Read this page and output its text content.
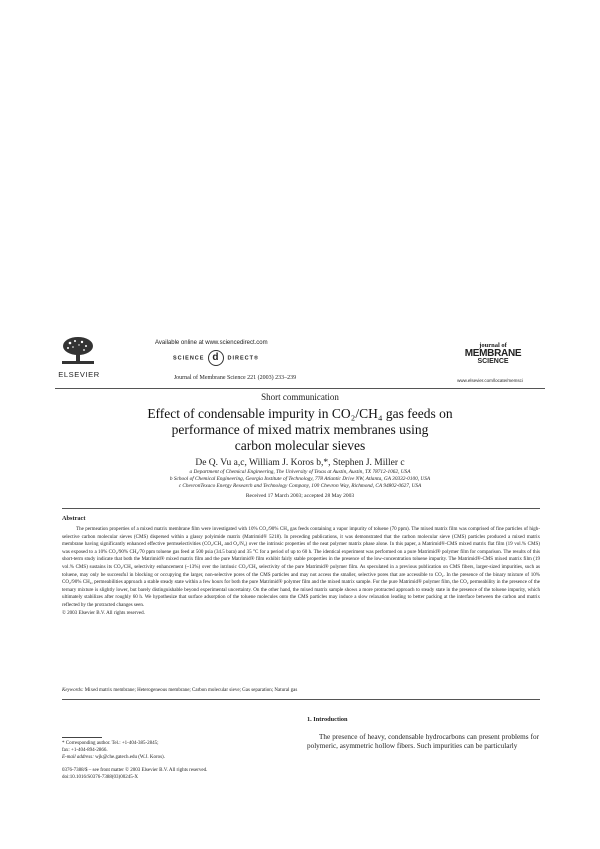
ELSEVIER
Available online at www.sciencedirect.com
SCIENCE d DIRECT®
Journal of Membrane Science 221 (2003) 233–239
journal of
MEMBRANE
SCIENCE
www.elsevier.com/locate/memsci
Short communication
Effect of condensable impurity in CO₂/CH₄ gas feeds on
performance of mixed matrix membranes using
carbon molecular sieves
De Q. Vu a,c, William J. Koros b,*, Stephen J. Miller c
a Department of Chemical Engineering, The University of Texas at Austin, Austin, TX 78712-1062, USA
b School of Chemical Engineering, Georgia Institute of Technology, 778 Atlantic Drive NW, Atlanta, GA 30332-0100, USA
c ChevronTexaco Energy Research and Technology Company, 100 Chevron Way, Richmond, CA 94802-0627, USA
Received 17 March 2003; accepted 28 May 2003
Abstract

The permeation properties of a mixed matrix membrane film were investigated with 10% CO₂/90% CH₄ gas feeds containing a vapor impurity of toluene (70 ppm). The mixed matrix film was comprised of fine particles of high-selective carbon molecular sieves (CMS) dispersed within a glassy polyimide matrix (Matrimid® 5218). In preceding publications, it was demonstrated that the carbon molecular sieve (CMS) particles produced a mixed matrix membrane having significantly enhanced effective permselectivities (CO₂/CH₄ and O₂/N₂) over the intrinsic properties of the neat polymer matrix phase alone. In this paper, a Matrimid®-CMS mixed matrix flat film (19 vol.% CMS) was exposed to a 10% CO₂/90% CH₄/70 ppm toluene gas feed at 500 psia (34.5 bara) and 35 °C for a period of up to 60 h. The identical experiment was performed on a pure Matrimid® polymer film for comparison. The results of this short-term study indicate that both the Matrimid® mixed matrix film and the pure Matrimid® film exhibit fairly stable properties in the presence of the low-concentration toluene impurity. The Matrimid®-CMS mixed matrix film (19 vol.% CMS) sustains its CO₂/CH₄ selectivity enhancement (~13%) over the intrinsic CO₂/CH₄ selectivity of the pure Matrimid® polymer film. As speculated in a previous publication on CMS fibers, larger-sized impurities, such as toluene, may only be successful in blocking or occupying the larger, non-selective pores of the CMS particles and may not access the smaller, selective pores that are accessible to CO₂. In the presence of the binary mixture of 10% CO₂/90% CH₄, permeabilities approach a stable steady state within a few hours for both the pure Matrimid® polymer film and the mixed matrix sample. For the pure Matrimid® polymer film, the CO₂ permeability in the presence of the ternary mixture is slightly lower, but barely distinguishable beyond experimental uncertainty. On the other hand, the mixed matrix sample shows a more protracted approach to steady state in the presence of the toluene impurity, which ultimately stabilizes after roughly 60 h. We hypothesize that surface adsorption of the toluene molecules onto the CMS particles may induce a slow relaxation leading to better packing at the interface between the carbon and matrix reflected by the protracted changes seen.

© 2003 Elsevier B.V. All rights reserved.
Keywords: Mixed matrix membrane; Heterogeneous membrane; Carbon molecular sieve; Gas separation; Natural gas
1. Introduction

The presence of heavy, condensable hydrocarbons can present problems for polymeric, asymmetric hollow fibers. Such impurities can be particularly

* Corresponding author. Tel.: +1-404-385-2845;
fax: +1-404-894-2866.
E-mail address: wjk@che.gatech.edu (W.J. Koros).
0376-7388/$ – see front matter © 2003 Elsevier B.V. All rights reserved.
doi:10.1016/S0376-7388(03)00245-X
